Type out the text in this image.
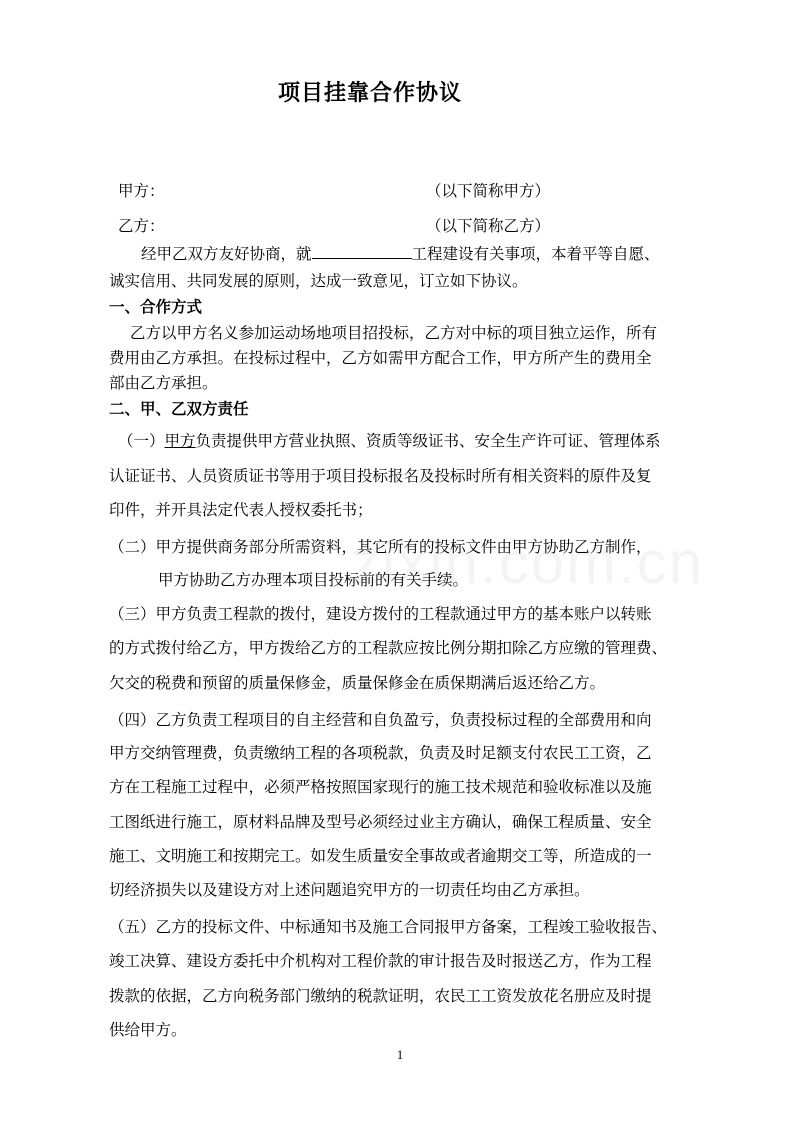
项目挂靠合作协议
甲方：	（以下简称甲方）
乙方：	（以下简称乙方）
经甲乙双方友好协商，就	工程建设有关事项，本着平等自愿、
诚实信用、共同发展的原则，达成一致意见，订立如下协议。
一、合作方式
乙方以甲方名义参加运动场地项目招投标，乙方对中标的项目独立运作，所有
费用由乙方承担。在投标过程中，乙方如需甲方配合工作，甲方所产生的费用全
部由乙方承担。
二、甲、乙双方责任
（一）甲方负责提供甲方营业执照、资质等级证书、安全生产许可证、管理体系
认证证书、人员资质证书等用于项目投标报名及投标时所有相关资料的原件及复
印件，并开具法定代表人授权委托书；
（二）甲方提供商务部分所需资料，其它所有的投标文件由甲方协助乙方制作，
甲方协助乙方办理本项目投标前的有关手续。
（三）甲方负责工程款的拨付，建设方拨付的工程款通过甲方的基本账户以转账
的方式拨付给乙方，甲方拨给乙方的工程款应按比例分期扣除乙方应缴的管理费、
欠交的税费和预留的质量保修金，质量保修金在质保期满后返还给乙方。
（四）乙方负责工程项目的自主经营和自负盈亏，负责投标过程的全部费用和向
甲方交纳管理费，负责缴纳工程的各项税款，负责及时足额支付农民工工资，乙
方在工程施工过程中，必须严格按照国家现行的施工技术规范和验收标准以及施
工图纸进行施工，原材料品牌及型号必须经过业主方确认，确保工程质量、安全
施工、文明施工和按期完工。如发生质量安全事故或者逾期交工等，所造成的一
切经济损失以及建设方对上述问题追究甲方的一切责任均由乙方承担。
（五）乙方的投标文件、中标通知书及施工合同报甲方备案，工程竣工验收报告、
竣工决算、建设方委托中介机构对工程价款的审计报告及时报送乙方，作为工程
拨款的依据，乙方向税务部门缴纳的税款证明，农民工工资发放花名册应及时提
供给甲方。
1
